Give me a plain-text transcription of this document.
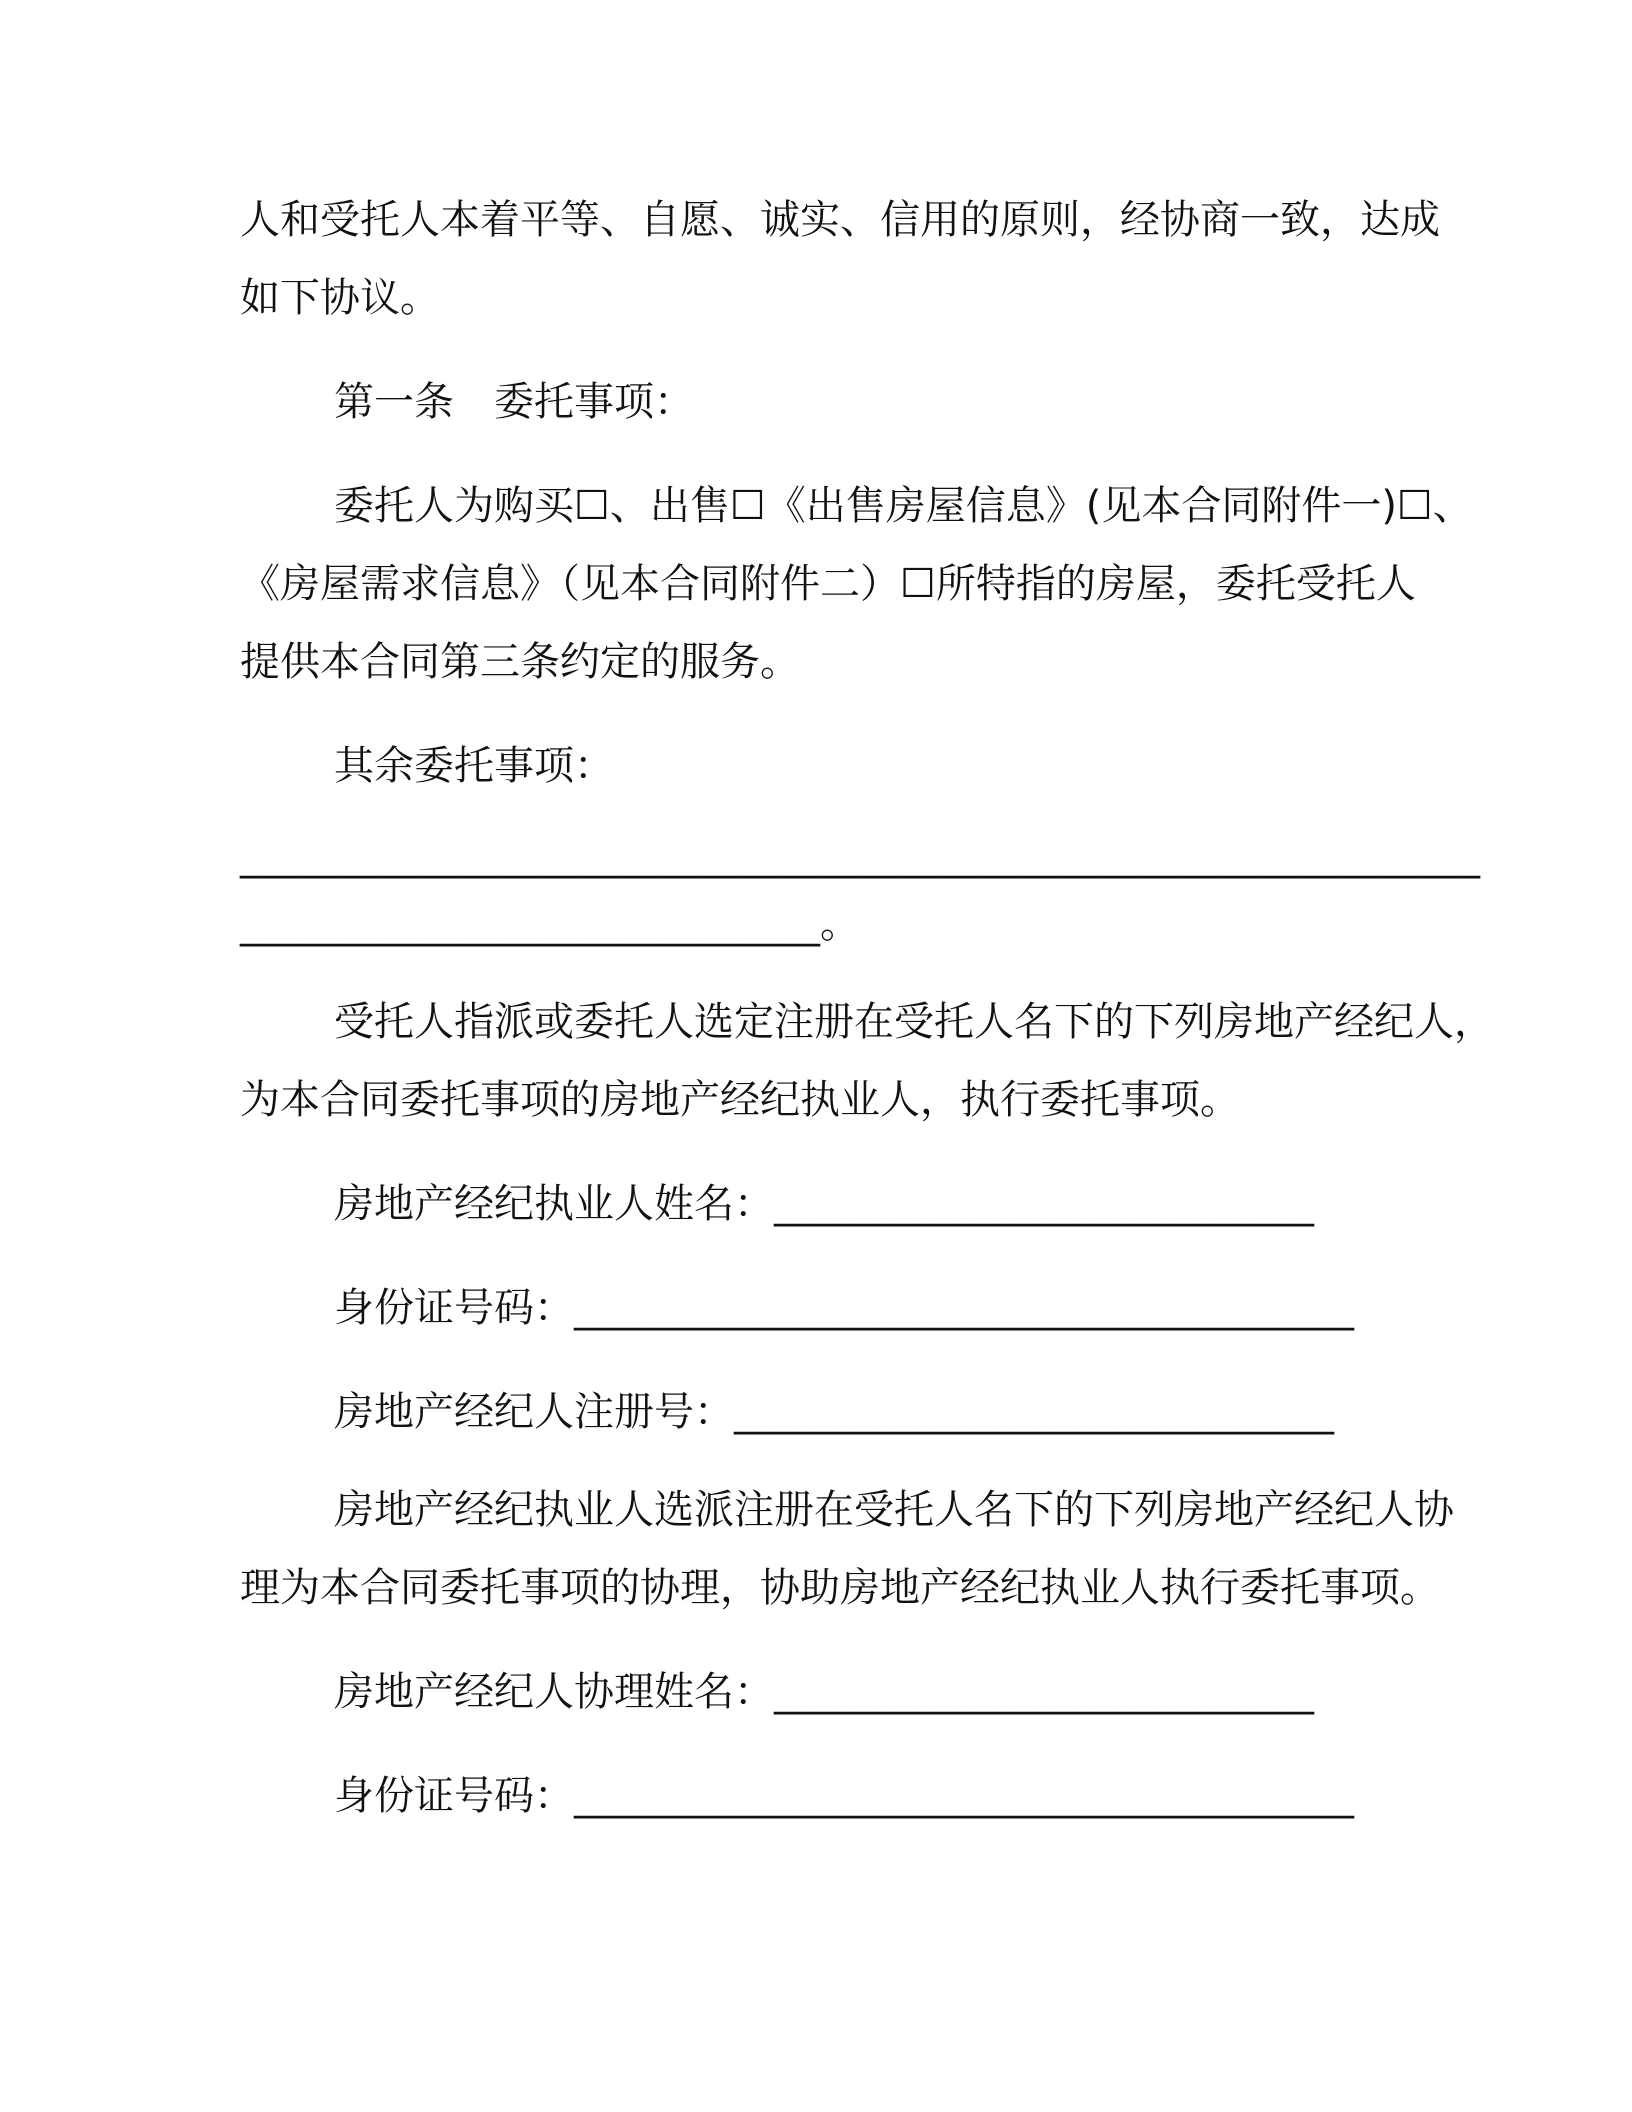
人和受托人本着平等、自愿、诚实、信用的原则，经协商一致，达成
如下协议。
第一条　委托事项：
委托人为购买☐、出售☐《出售房屋信息》(见本合同附件一)☐、
《房屋需求信息》（见本合同附件二）☐所特指的房屋，委托受托人
提供本合同第三条约定的服务。
其余委托事项：
______________________________________________________________
_____________________________。
受托人指派或委托人选定注册在受托人名下的下列房地产经纪人，
为本合同委托事项的房地产经纪执业人，执行委托事项。
房地产经纪执业人姓名：___________________________
身份证号码：_______________________________________
房地产经纪人注册号：______________________________
房地产经纪执业人选派注册在受托人名下的下列房地产经纪人协
理为本合同委托事项的协理，协助房地产经纪执业人执行委托事项。
房地产经纪人协理姓名：___________________________
身份证号码：_______________________________________
